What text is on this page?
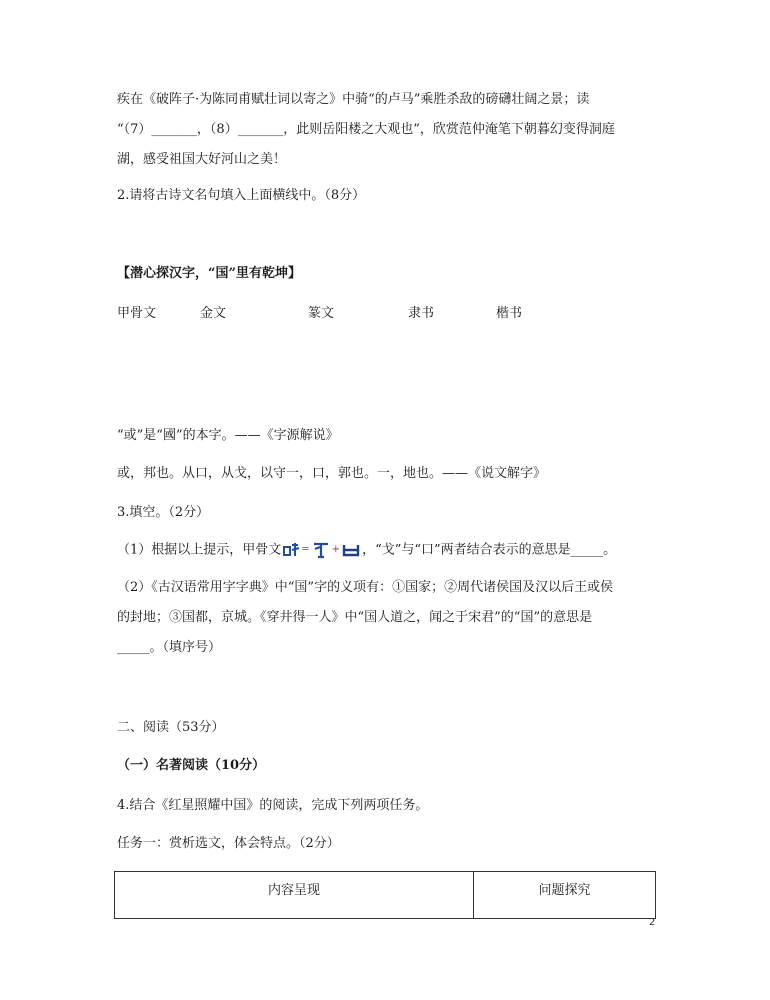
疾在《破阵子·为陈同甫赋壮词以寄之》中骑“的卢马”乘胜杀敌的磅礴壮阔之景；读
“（7）_______，（8）_______，此则岳阳楼之大观也”，欣赏范仲淹笔下朝暮幻变得洞庭
湖，感受祖国大好河山之美！
2.请将古诗文名句填入上面横线中。（8分）
【潜心探汉字，“国”里有乾坤】
甲骨文	金文	篆文	隶书	楷书
“或”是“國”的本字。——《字源解说》
或，邦也。从口，从戈，以守一，口，郭也。一，地也。——《说文解字》
3.填空。（2分）
（1）根据以上提示，甲骨文 = + ，“戈”与“口”两者结合表示的意思是_____。
（2）《古汉语常用字字典》中“国”字的义项有：①国家；②周代诸侯国及汉以后王或侯
的封地；③国都，京城。《穿井得一人》中“国人道之，闻之于宋君”的“国”的意思是
_____。（填序号）
二、阅读（53分）
（一）名著阅读（10分）
4.结合《红星照耀中国》的阅读，完成下列两项任务。
任务一：赏析选文，体会特点。（2分）
内容呈现	问题探究
2
